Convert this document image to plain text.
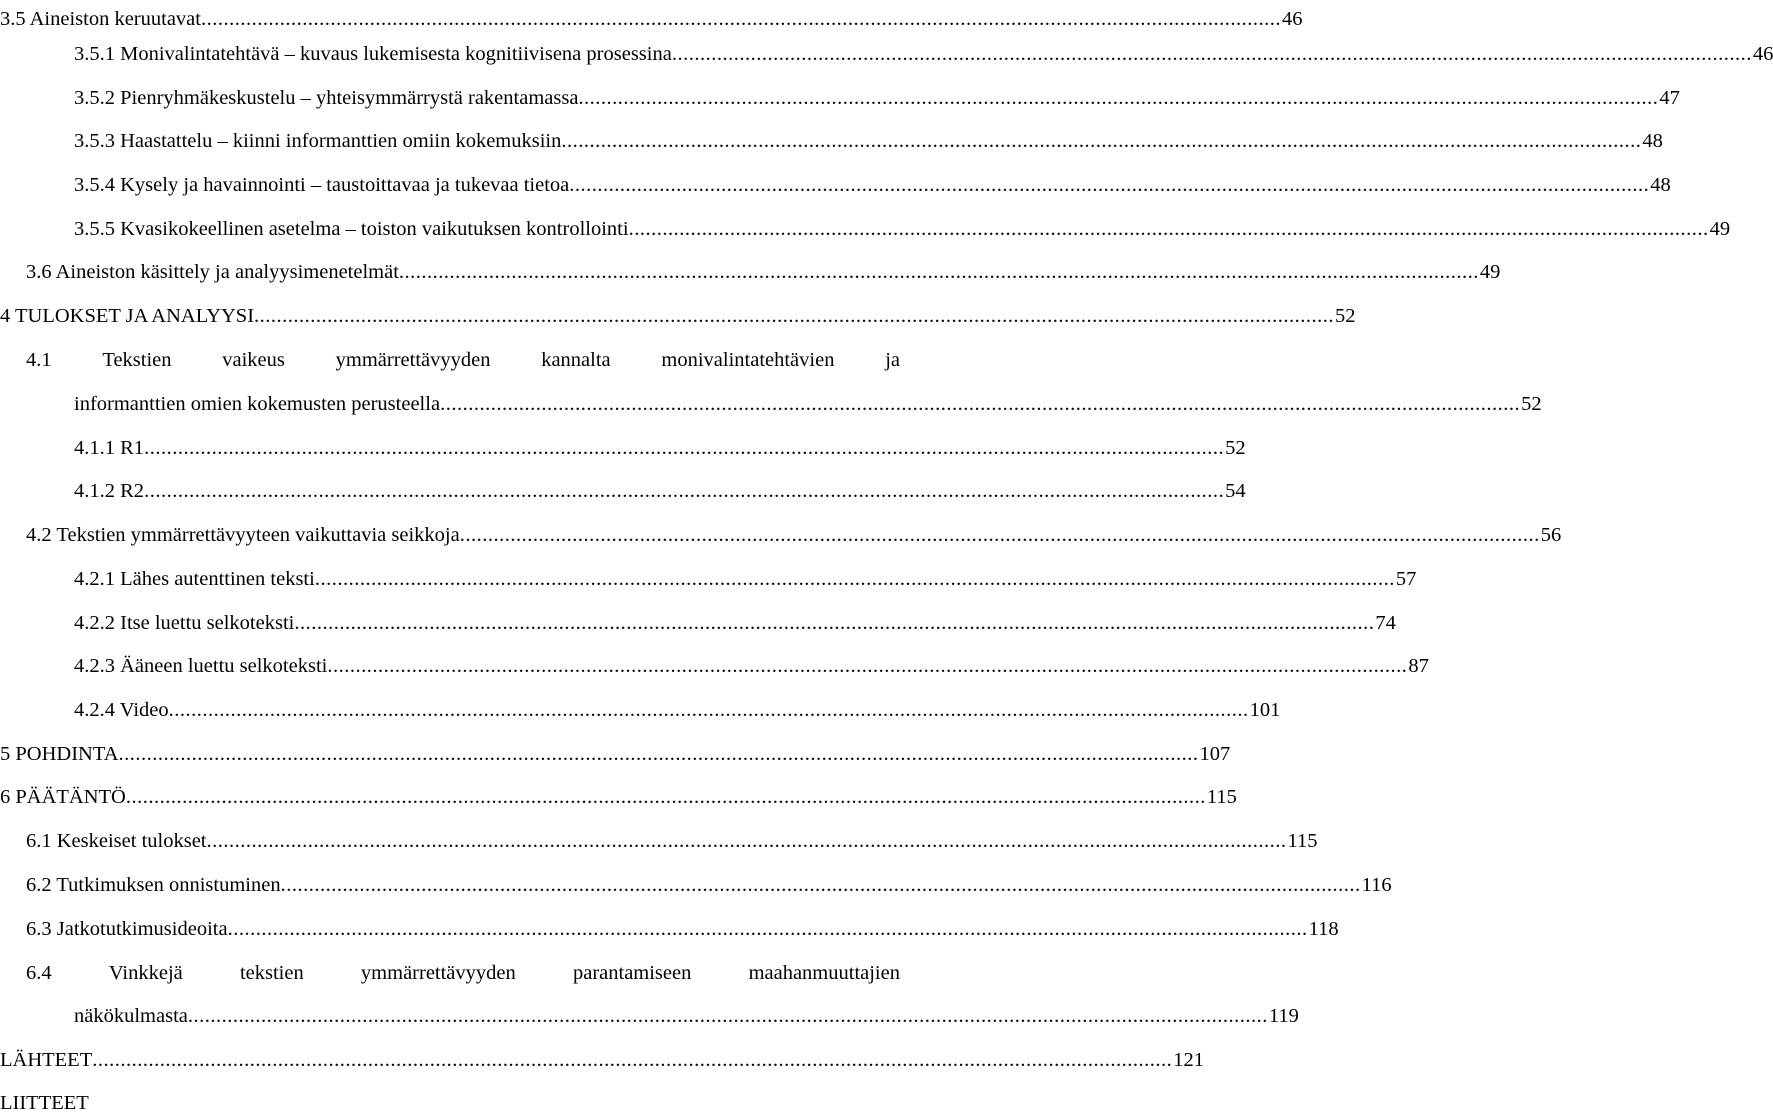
3.5 Aineiston keruutavat ................................................................................................................................................................................................ 46
3.5.1 Monivalintatehtävä – kuvaus lukemisesta kognitiivisena prosessina ................................................................................................................................................................................................ 46
3.5.2 Pienryhmäkeskustelu – yhteisymmärrystä rakentamassa ................................................................................................................................................................................................ 47
3.5.3 Haastattelu – kiinni informanttien omiin kokemuksiin ................................................................................................................................................................................................ 48
3.5.4 Kysely ja havainnointi – taustoittavaa ja tukevaa tietoa ................................................................................................................................................................................................ 48
3.5.5 Kvasikokeellinen asetelma – toiston vaikutuksen kontrollointi ................................................................................................................................................................................................ 49
3.6 Aineiston käsittely ja analyysimenetelmät ................................................................................................................................................................................................ 49
4 TULOKSET JA ANALYYSI ................................................................................................................................................................................................ 52
4.1 Tekstien vaikeus ymmärrettävyyden kannalta monivalintatehtävien ja
informanttien omien kokemusten perusteella ................................................................................................................................................................................................ 52
4.1.1 R1 ................................................................................................................................................................................................ 52
4.1.2 R2 ................................................................................................................................................................................................ 54
4.2 Tekstien ymmärrettävyyteen vaikuttavia seikkoja ................................................................................................................................................................................................ 56
4.2.1 Lähes autenttinen teksti ................................................................................................................................................................................................ 57
4.2.2 Itse luettu selkoteksti ................................................................................................................................................................................................ 74
4.2.3 Ääneen luettu selkoteksti ................................................................................................................................................................................................ 87
4.2.4 Video ................................................................................................................................................................................................ 101
5 POHDINTA ................................................................................................................................................................................................ 107
6 PÄÄTÄNTÖ ................................................................................................................................................................................................ 115
6.1 Keskeiset tulokset ................................................................................................................................................................................................ 115
6.2 Tutkimuksen onnistuminen ................................................................................................................................................................................................ 116
6.3 Jatkotutkimusideoita ................................................................................................................................................................................................ 118
6.4	Vinkkejä	tekstien	ymmärrettävyyden	parantamiseen	maahanmuuttajien
näkökulmasta ................................................................................................................................................................................................ 119
LÄHTEET ................................................................................................................................................................................................ 121
LIITTEET
